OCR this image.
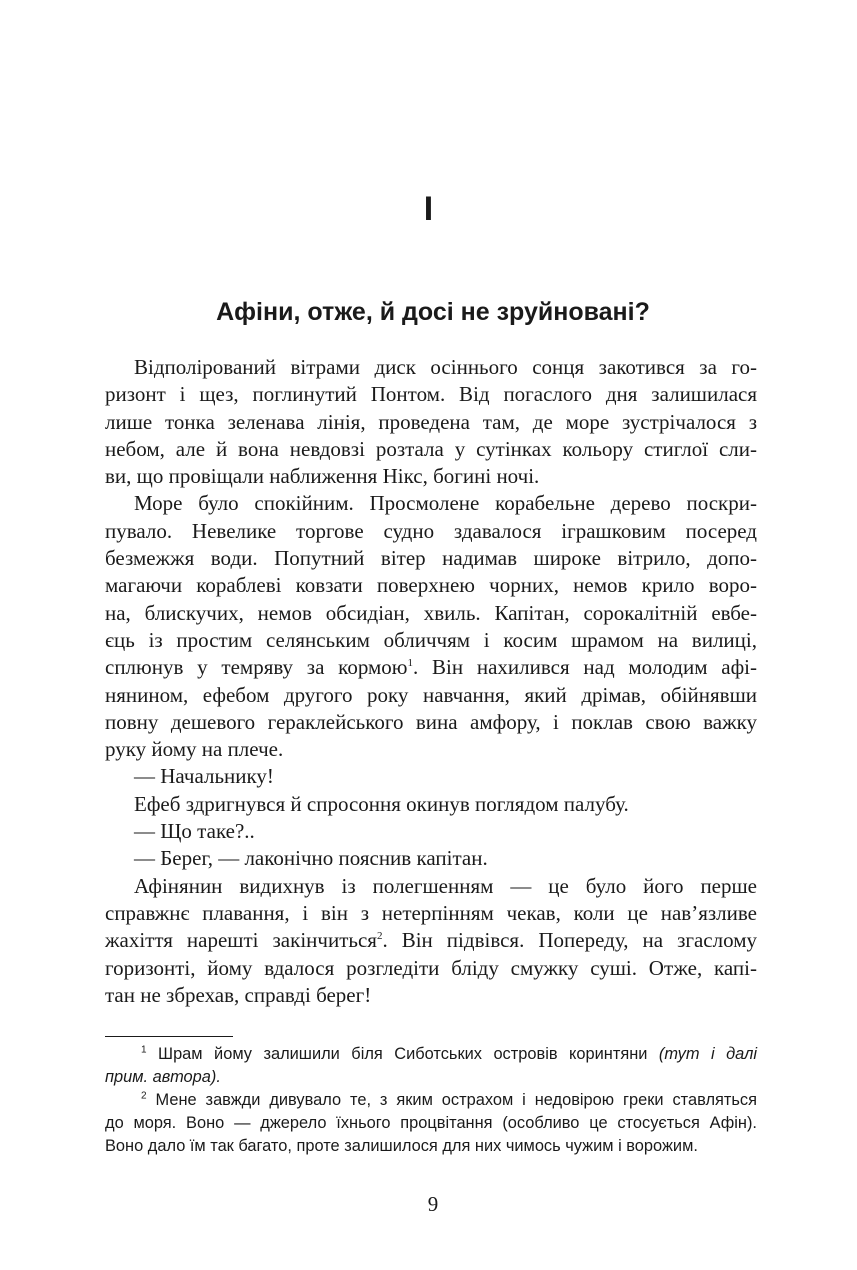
I
Афіни, отже, й досі не зруйновані?
Відполірований вітрами диск осіннього сонця закотився за го-
ризонт і щез, поглинутий Понтом. Від погаслого дня залишилася
лише тонка зеленава лінія, проведена там, де море зустрічалося з
небом, але й вона невдовзі розтала у сутінках кольору стиглої сли-
ви, що провіщали наближення Нікс, богині ночі.
Море було спокійним. Просмолене корабельне дерево поскри-
пувало. Невелике торгове судно здавалося іграшковим посеред
безмежжя води. Попутний вітер надимав широке вітрило, допо-
магаючи кораблеві ковзати поверхнею чорних, немов крило воро-
на, блискучих, немов обсидіан, хвиль. Капітан, сорокалітній евбе-
єць із простим селянським обличчям і косим шрамом на вилиці,
сплюнув у темряву за кормою$^1$. Він нахилився над молодим афі-
нянином, ефебом другого року навчання, який дрімав, обійнявши
повну дешевого гераклейського вина амфору, і поклав свою важку
руку йому на плече.
— Начальнику!
Ефеб здригнувся й спросоння окинув поглядом палубу.
— Що таке?..
— Берег, — лаконічно пояснив капітан.
Афінянин видихнув із полегшенням — це було його перше
справжнє плавання, і він з нетерпінням чекав, коли це нав’язливе
жахіття нарешті закінчиться$^2$. Він підвівся. Попереду, на згаслому
горизонті, йому вдалося розгледіти бліду смужку суші. Отже, капі-
тан не збрехав, справді берег!
$^1$ Шрам йому залишили біля Сиботських островів коринтяни (тут і далі
прим. автора).
$^2$ Мене завжди дивувало те, з яким острахом і недовірою греки ставляться
до моря. Воно — джерело їхнього процвітання (особливо це стосується Афін).
Воно дало їм так багато, проте залишилося для них чимось чужим і ворожим.
9
